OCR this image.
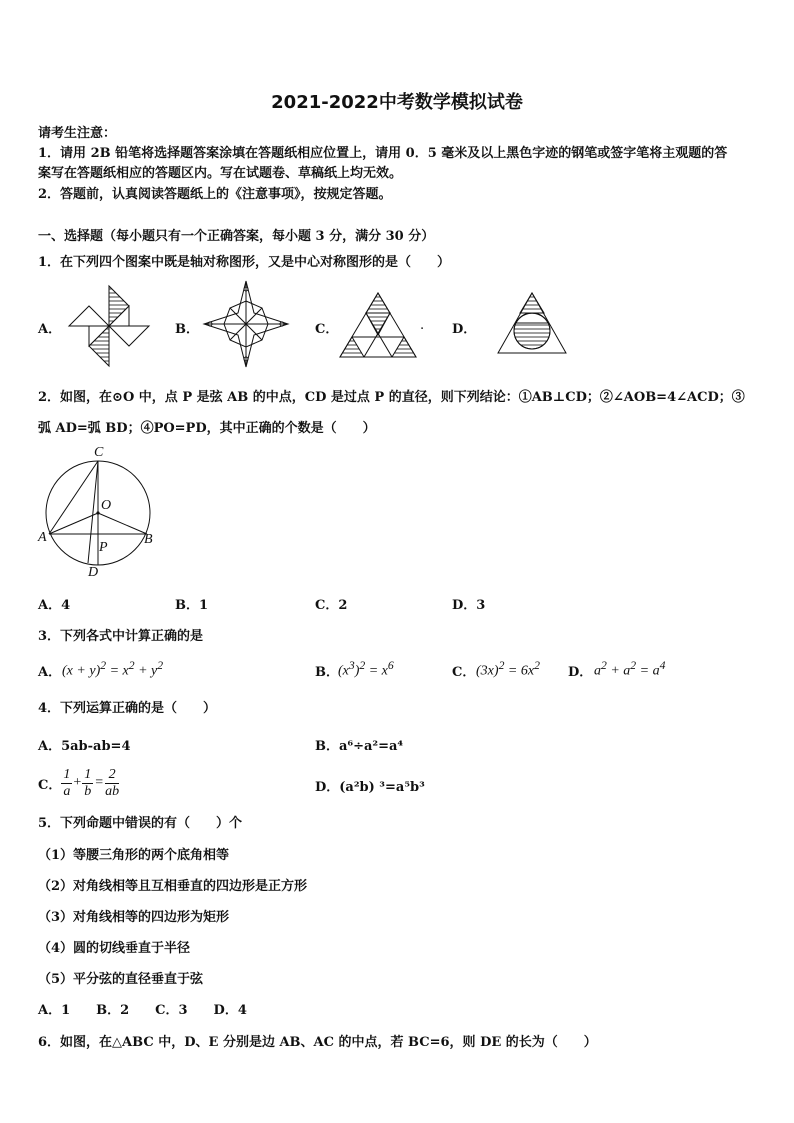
2021-2022中考数学模拟试卷
请考生注意：
1．请用 2B 铅笔将选择题答案涂填在答题纸相应位置上，请用 0．5 毫米及以上黑色字迹的钢笔或签字笔将主观题的答
案写在答题纸相应的答题区内。写在试题卷、草稿纸上均无效。
2．答题前，认真阅读答题纸上的《注意事项》，按规定答题。
一、选择题（每小题只有一个正确答案，每小题 3 分，满分 30 分）
1．在下列四个图案中既是轴对称图形，又是中心对称图形的是（　　）
A．	B．	C．	. D．
2．如图，在⊙O 中，点 P 是弦 AB 的中点，CD 是过点 P 的直径，则下列结论：①AB⊥CD；②∠AOB=4∠ACD；③
弧 AD=弧 BD；④PO=PD，其中正确的个数是（　　）
C
O
A	B
P
D
A．4	B．1	C．2	D．3
3．下列各式中计算正确的是
A． $(x + y)^2 = x^2 + y^2$	B． $(x^3)^2 = x^6$	C． $(3x)^2 = 6x^2$ D． $a^2 + a^2 = a^4$
4．下列运算正确的是（　　）
A．5ab-ab=4	B．a⁶÷a²=a⁴
C． $\frac{1}{a} + \frac{1}{b} = \frac{2}{ab}$	D．(a²b) ³=a⁵b³
5．下列命题中错误的有（　　）个
（1）等腰三角形的两个底角相等
（2）对角线相等且互相垂直的四边形是正方形
（3）对角线相等的四边形为矩形
（4）圆的切线垂直于半径
（5）平分弦的直径垂直于弦
A．1　　B．2　　C．3　　D．4
6．如图，在△ABC 中，D、E 分别是边 AB、AC 的中点，若 BC=6，则 DE 的长为（　　）
